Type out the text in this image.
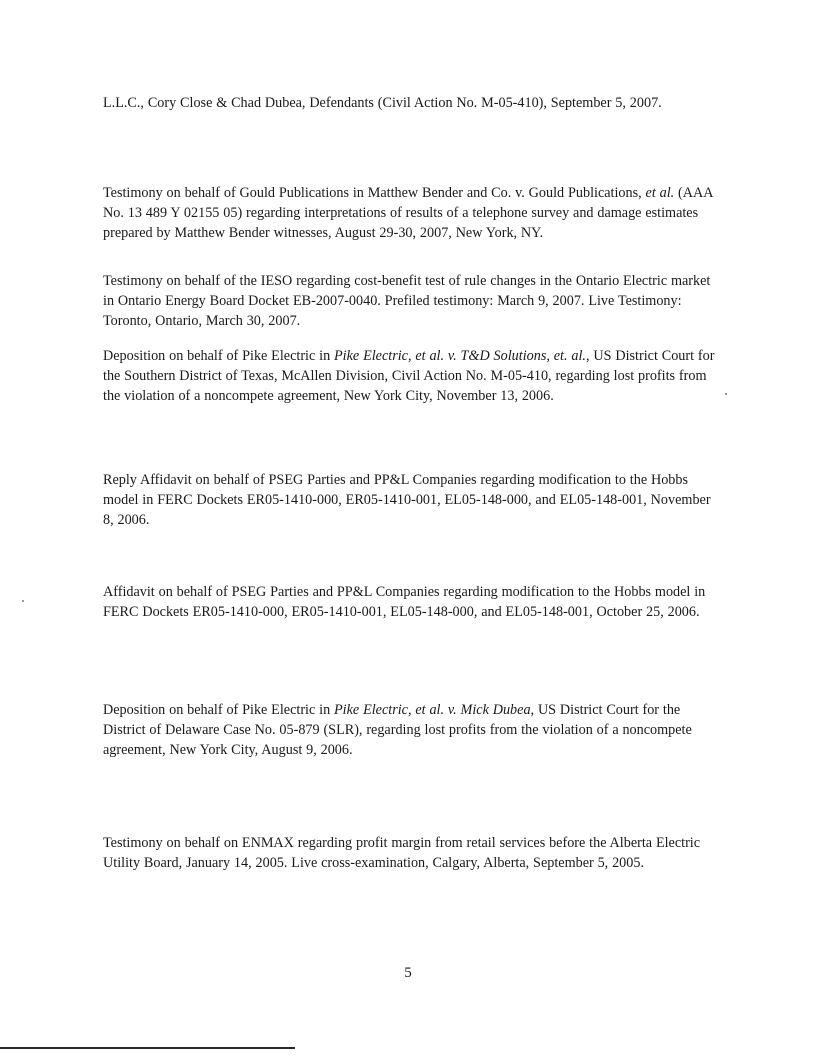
L.L.C., Cory Close & Chad Dubea, Defendants (Civil Action No. M-05-410), September 5, 2007.

Testimony on behalf of Gould Publications in Matthew Bender and Co. v. Gould Publications, et al. (AAA No. 13 489 Y 02155 05) regarding interpretations of results of a telephone survey and damage estimates prepared by Matthew Bender witnesses, August 29-30, 2007, New York, NY.

Testimony on behalf of the IESO regarding cost-benefit test of rule changes in the Ontario Electric market in Ontario Energy Board Docket EB-2007-0040. Prefiled testimony: March 9, 2007. Live Testimony: Toronto, Ontario, March 30, 2007.

Deposition on behalf of Pike Electric in Pike Electric, et al. v. T&D Solutions, et. al., US District Court for the Southern District of Texas, McAllen Division, Civil Action No. M-05-410, regarding lost profits from the violation of a noncompete agreement, New York City, November 13, 2006.

Reply Affidavit on behalf of PSEG Parties and PP&L Companies regarding modification to the Hobbs model in FERC Dockets ER05-1410-000, ER05-1410-001, EL05-148-000, and EL05-148-001, November 8, 2006.

Affidavit on behalf of PSEG Parties and PP&L Companies regarding modification to the Hobbs model in FERC Dockets ER05-1410-000, ER05-1410-001, EL05-148-000, and EL05-148-001, October 25, 2006.

Deposition on behalf of Pike Electric in Pike Electric, et al. v. Mick Dubea, US District Court for the District of Delaware Case No. 05-879 (SLR), regarding lost profits from the violation of a noncompete agreement, New York City, August 9, 2006.

Testimony on behalf on ENMAX regarding profit margin from retail services before the Alberta Electric Utility Board, January 14, 2005. Live cross-examination, Calgary, Alberta, September 5, 2005.

5
